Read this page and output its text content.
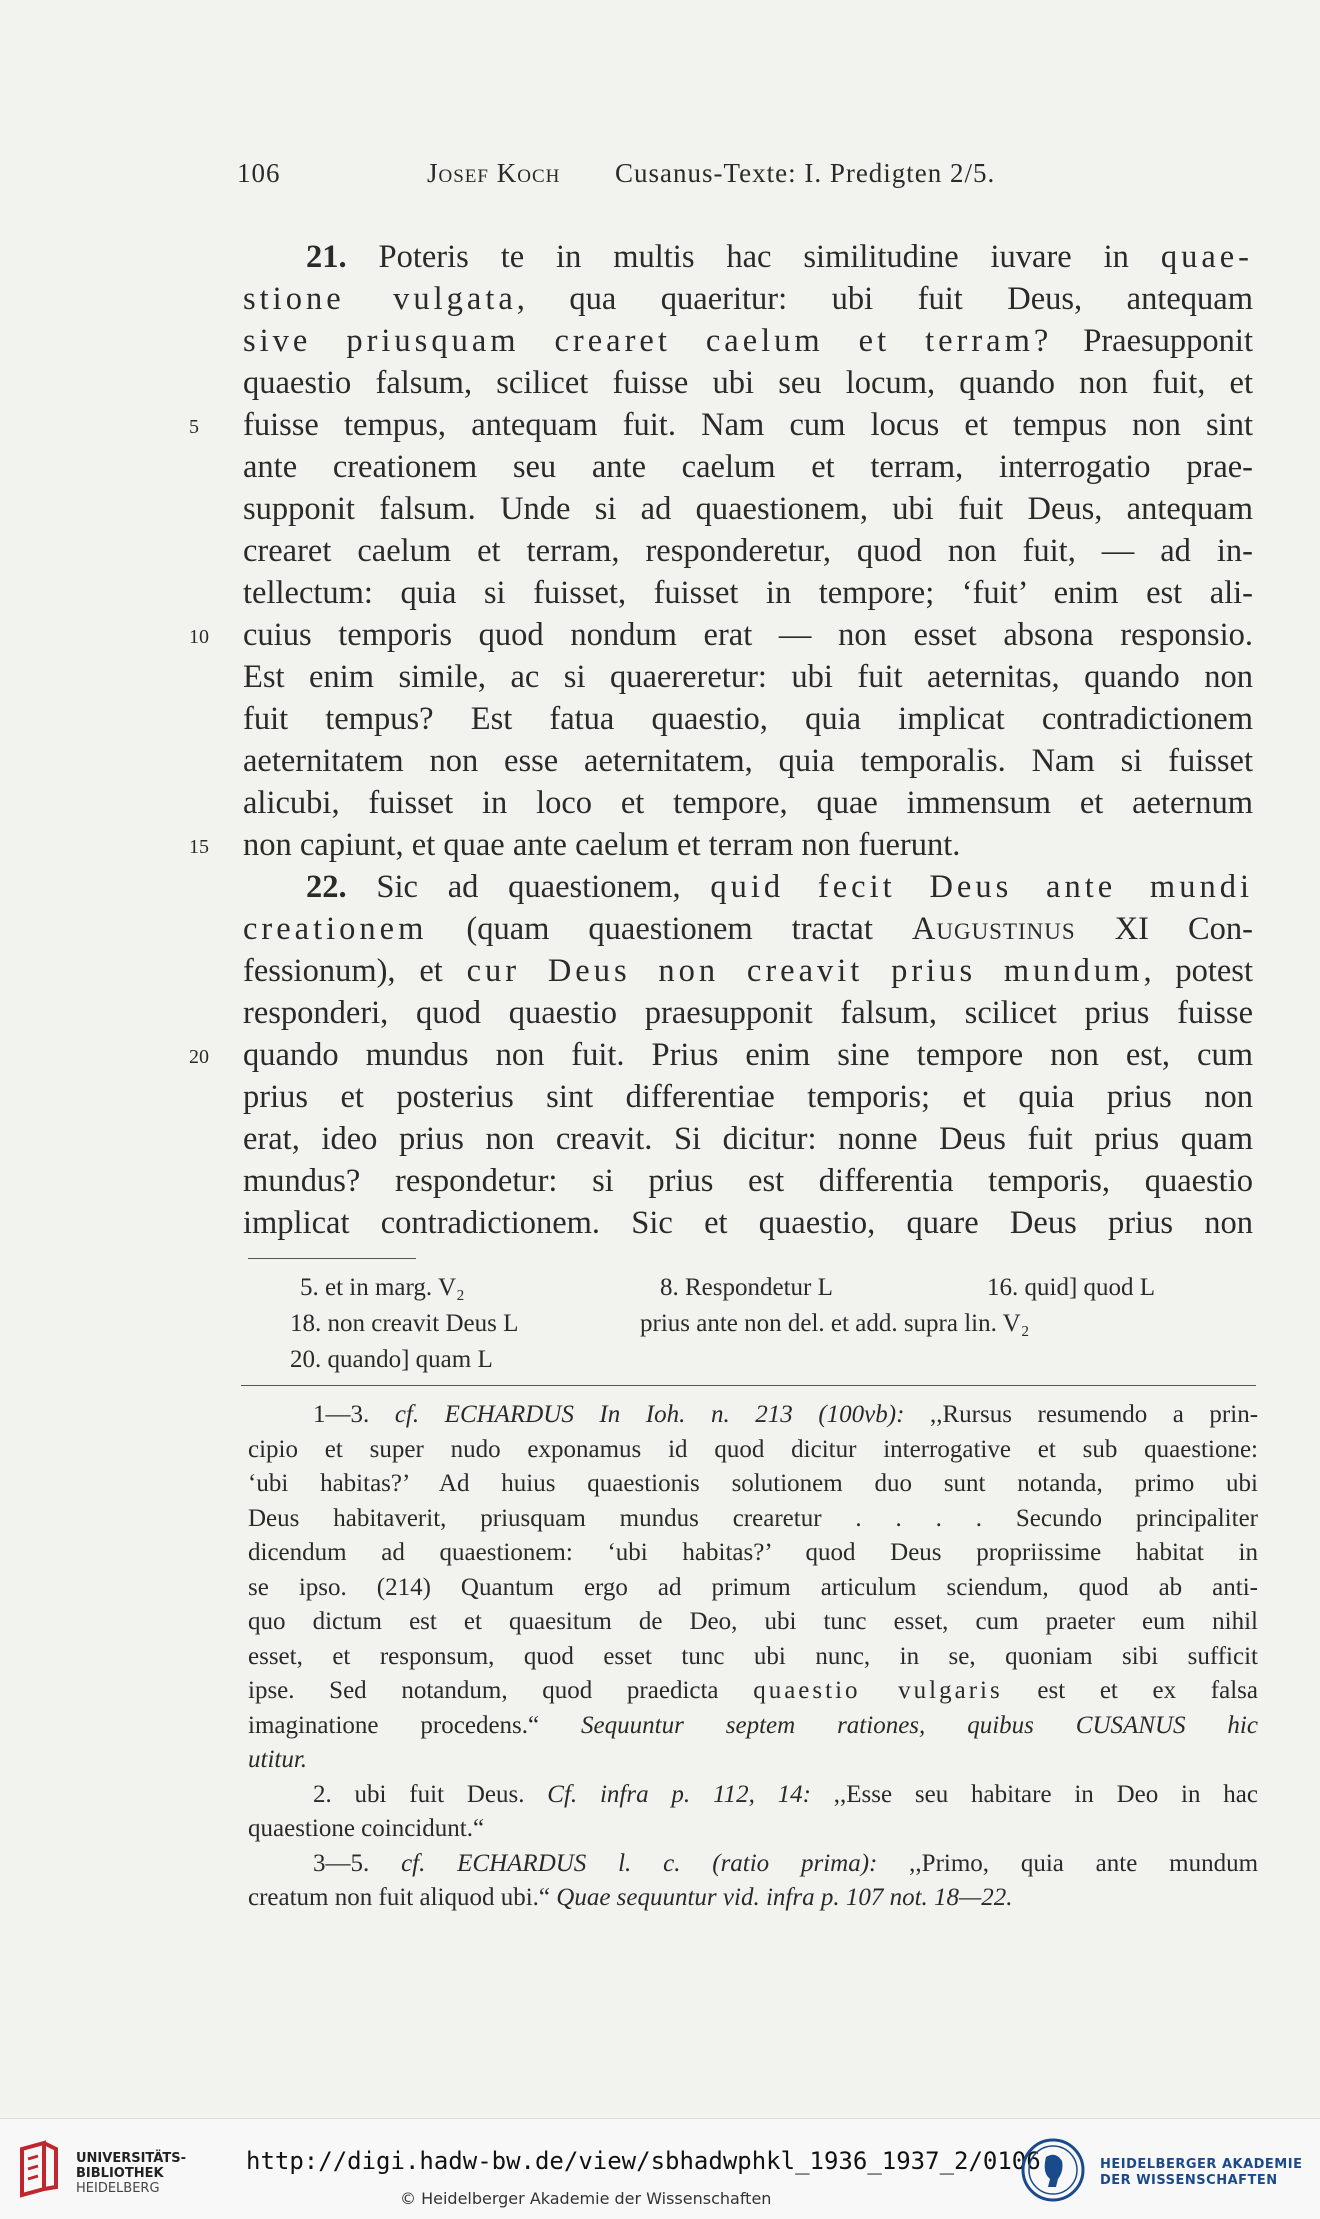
106	Josef Koch Cusanus-Texte: I. Predigten 2/5.
21. Poteris te in multis hac similitudine iuvare in quae-
stione vulgata, qua quaeritur: ubi fuit Deus, antequam
sive priusquam crearet caelum et terram? Praesupponit
quaestio falsum, scilicet fuisse ubi seu locum, quando non fuit, et
5	fuisse tempus, antequam fuit. Nam cum locus et tempus non sint
ante creationem seu ante caelum et terram, interrogatio prae-
supponit falsum. Unde si ad quaestionem, ubi fuit Deus, antequam
crearet caelum et terram, responderetur, quod non fuit, — ad in-
tellectum: quia si fuisset, fuisset in tempore; ‘fuit’ enim est ali-
10	cuius temporis quod nondum erat — non esset absona responsio.
Est enim simile, ac si quaereretur: ubi fuit aeternitas, quando non
fuit tempus? Est fatua quaestio, quia implicat contradictionem
aeternitatem non esse aeternitatem, quia temporalis. Nam si fuisset
alicubi, fuisset in loco et tempore, quae immensum et aeternum
15	non capiunt, et quae ante caelum et terram non fuerunt.
22. Sic ad quaestionem, quid fecit Deus ante mundi
creationem (quam quaestionem tractat Augustinus XI Con-
fessionum), et cur Deus non creavit prius mundum, potest
responderi, quod quaestio praesupponit falsum, scilicet prius fuisse
20	quando mundus non fuit. Prius enim sine tempore non est, cum
prius et posterius sint differentiae temporis; et quia prius non
erat, ideo prius non creavit. Si dicitur: nonne Deus fuit prius quam
mundus? respondetur: si prius est differentia temporis, quaestio
implicat contradictionem. Sic et quaestio, quare Deus prius non
5. et in marg. V₂	8. Respondetur L	16. quid] quod L
18. non creavit Deus L	prius ante non del. et add. supra lin. V₂
20. quando] quam L
1—3. cf. ECHARDUS In Ioh. n. 213 (100vb): ,,Rursus resumendo a prin-
cipio et super nudo exponamus id quod dicitur interrogative et sub quaestione:
‘ubi habitas?’ Ad huius quaestionis solutionem duo sunt notanda, primo ubi
Deus habitaverit, priusquam mundus crearetur . . . . Secundo principaliter
dicendum ad quaestionem: ‘ubi habitas?’ quod Deus propriissime habitat in
se ipso. (214) Quantum ergo ad primum articulum sciendum, quod ab anti-
quo dictum est et quaesitum de Deo, ubi tunc esset, cum praeter eum nihil
esset, et responsum, quod esset tunc ubi nunc, in se, quoniam sibi sufficit
ipse. Sed notandum, quod praedicta quaestio vulgaris est et ex falsa
imaginatione procedens.“ Sequuntur septem rationes, quibus CUSANUS hic
utitur.
2. ubi fuit Deus. Cf. infra p. 112, 14: ,,Esse seu habitare in Deo in hac
quaestione coincidunt.“
3—5. cf. ECHARDUS l. c. (ratio prima): ,,Primo, quia ante mundum
creatum non fuit aliquod ubi.“ Quae sequuntur vid. infra p. 107 not. 18—22.
UNIVERSITÄTS-
BIBLIOTHEK
HEIDELBERG
http://digi.hadw-bw.de/view/sbhadwphkl_1936_1937_2/0106
© Heidelberger Akademie der Wissenschaften
HEIDELBERGER AKADEMIE
DER WISSENSCHAFTEN
